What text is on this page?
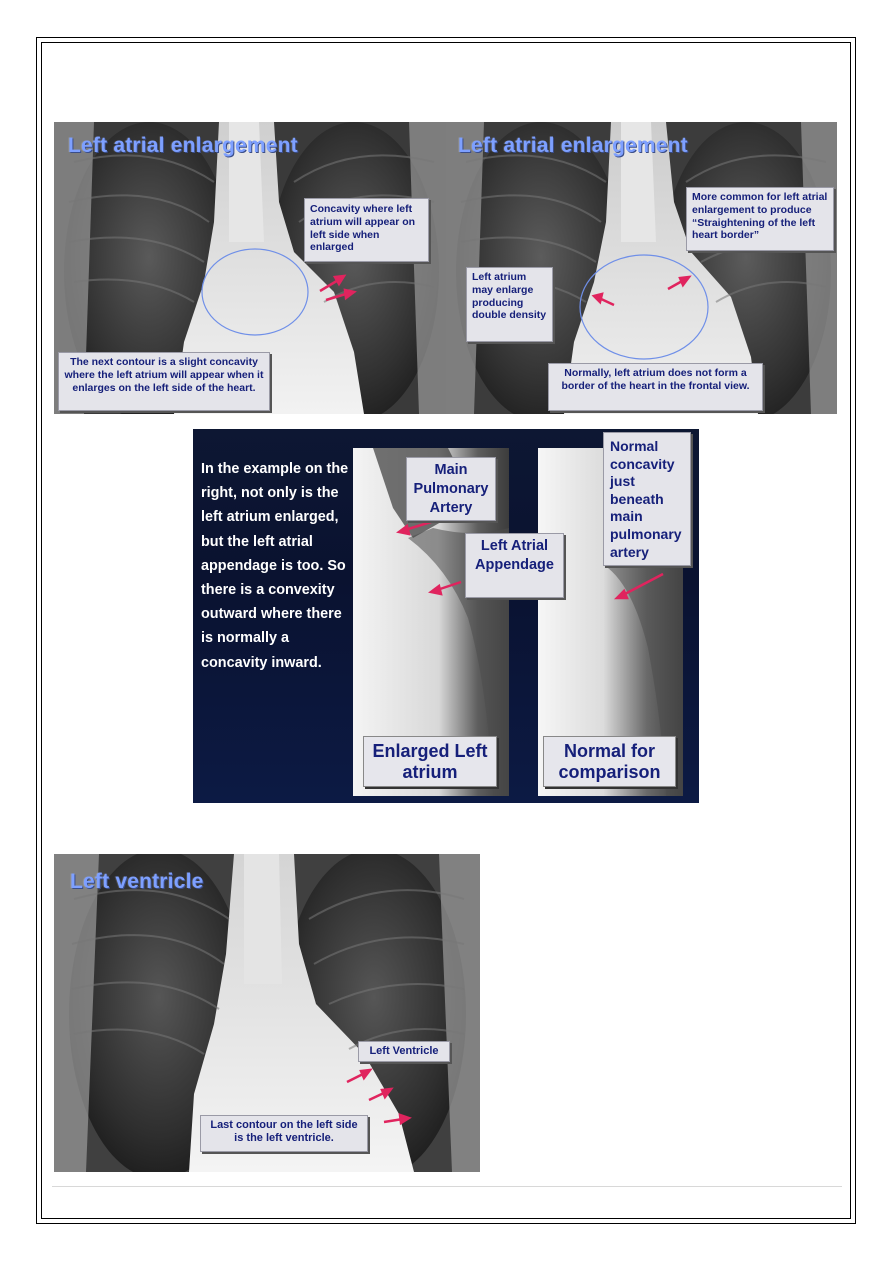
Left atrial enlargement
Concavity where left atrium will appear on left side when enlarged
The next contour is a slight concavity where the left atrium will appear when it enlarges on the left side of the heart.
Left atrial enlargement
More common for left atrial enlargement to produce “Straightening of the left heart border”
Left atrium may enlarge producing double density
Normally, left atrium does not form a border of the heart in the frontal view.
In the example on the right, not only is the left atrium enlarged, but the left atrial appendage is too. So there is a convexity outward where there is normally a concavity inward.
Main Pulmonary Artery
Left Atrial Appendage
Normal concavity just beneath main pulmonary artery
Enlarged Left atrium
Normal for comparison
Left ventricle
Left Ventricle
Last contour on the left side is the left ventricle.
